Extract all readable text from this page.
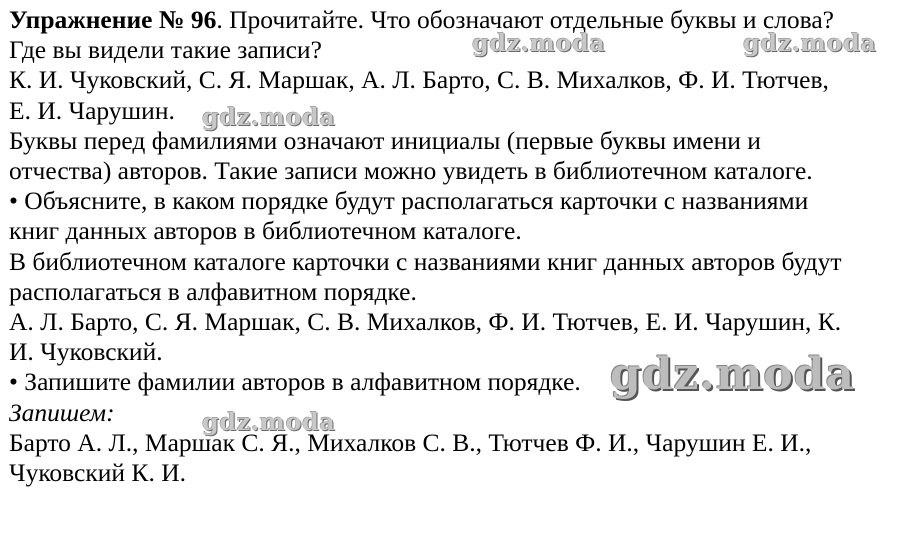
Упражнение № 96. Прочитайте. Что обозначают отдельные буквы и слова?

Где вы видели такие записи?

К. И. Чуковский, С. Я. Маршак, А. Л. Барто, С. В. Михалков, Ф. И. Тютчев,

Е. И. Чарушин.

Буквы перед фамилиями означают инициалы (первые буквы имени и

отчества) авторов. Такие записи можно увидеть в библиотечном каталоге.

• Объясните, в каком порядке будут располагаться карточки с названиями

книг данных авторов в библиотечном каталоге.

В библиотечном каталоге карточки с названиями книг данных авторов будут

располагаться в алфавитном порядке.

А. Л. Барто, С. Я. Маршак, С. В. Михалков, Ф. И. Тютчев, Е. И. Чарушин, К.

И. Чуковский.

• Запишите фамилии авторов в алфавитном порядке.

Запишем:

Барто А. Л., Маршак С. Я., Михалков С. В., Тютчев Ф. И., Чарушин Е. И.,

Чуковский К. И.

gdz.moda	gdz.moda
gdz.moda
gdz.moda
gdz.moda
